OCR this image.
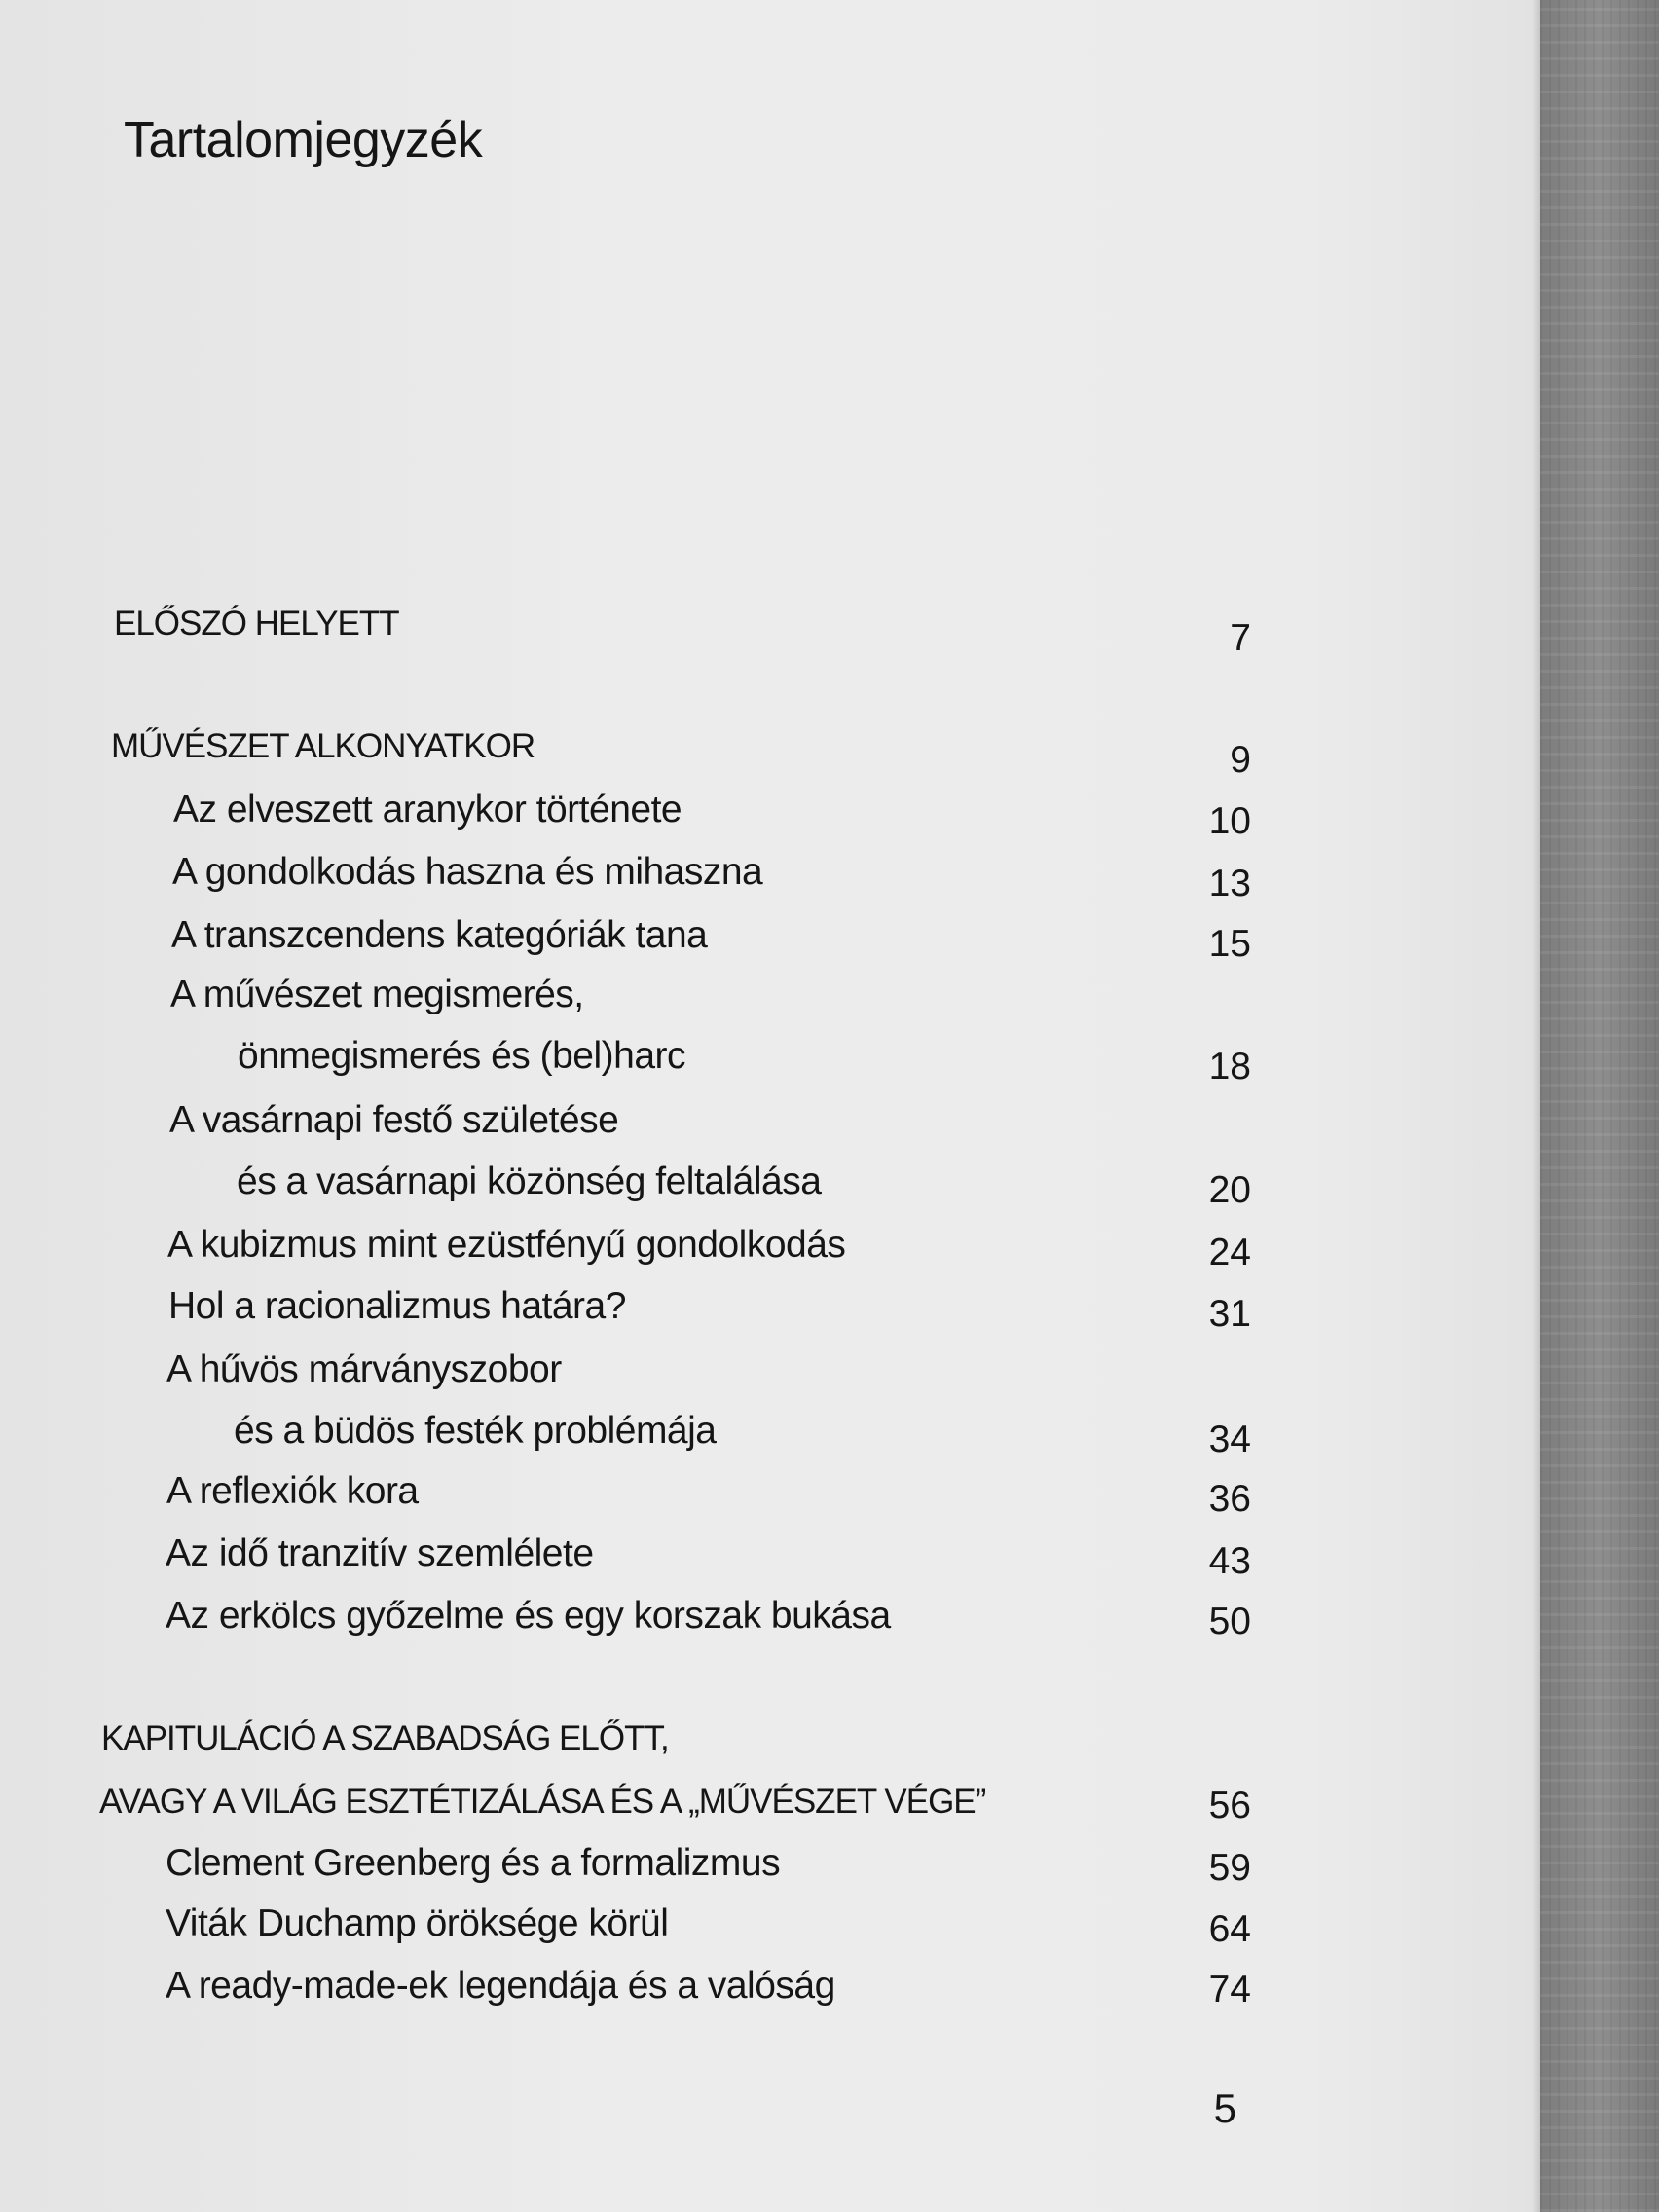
Tartalomjegyzék
ELŐSZÓ HELYETT	7
MŰVÉSZET ALKONYATKOR	9
Az elveszett aranykor története	10
A gondolkodás haszna és mihaszna	13
A transzcendens kategóriák tana	15
A művészet megismerés,
önmegismerés és (bel)harc	18
A vasárnapi festő születése
és a vasárnapi közönség feltalálása	20
A kubizmus mint ezüstfényű gondolkodás	24
Hol a racionalizmus határa?	31
A hűvös márványszobor
és a büdös festék problémája	34
A reflexiók kora	36
Az idő tranzitív szemlélete	43
Az erkölcs győzelme és egy korszak bukása	50
KAPITULÁCIÓ A SZABADSÁG ELŐTT,
AVAGY A VILÁG ESZTÉTIZÁLÁSA ÉS A „MŰVÉSZET VÉGE”	56
Clement Greenberg és a formalizmus	59
Viták Duchamp öröksége körül	64
A ready-made-ek legendája és a valóság	74
5
